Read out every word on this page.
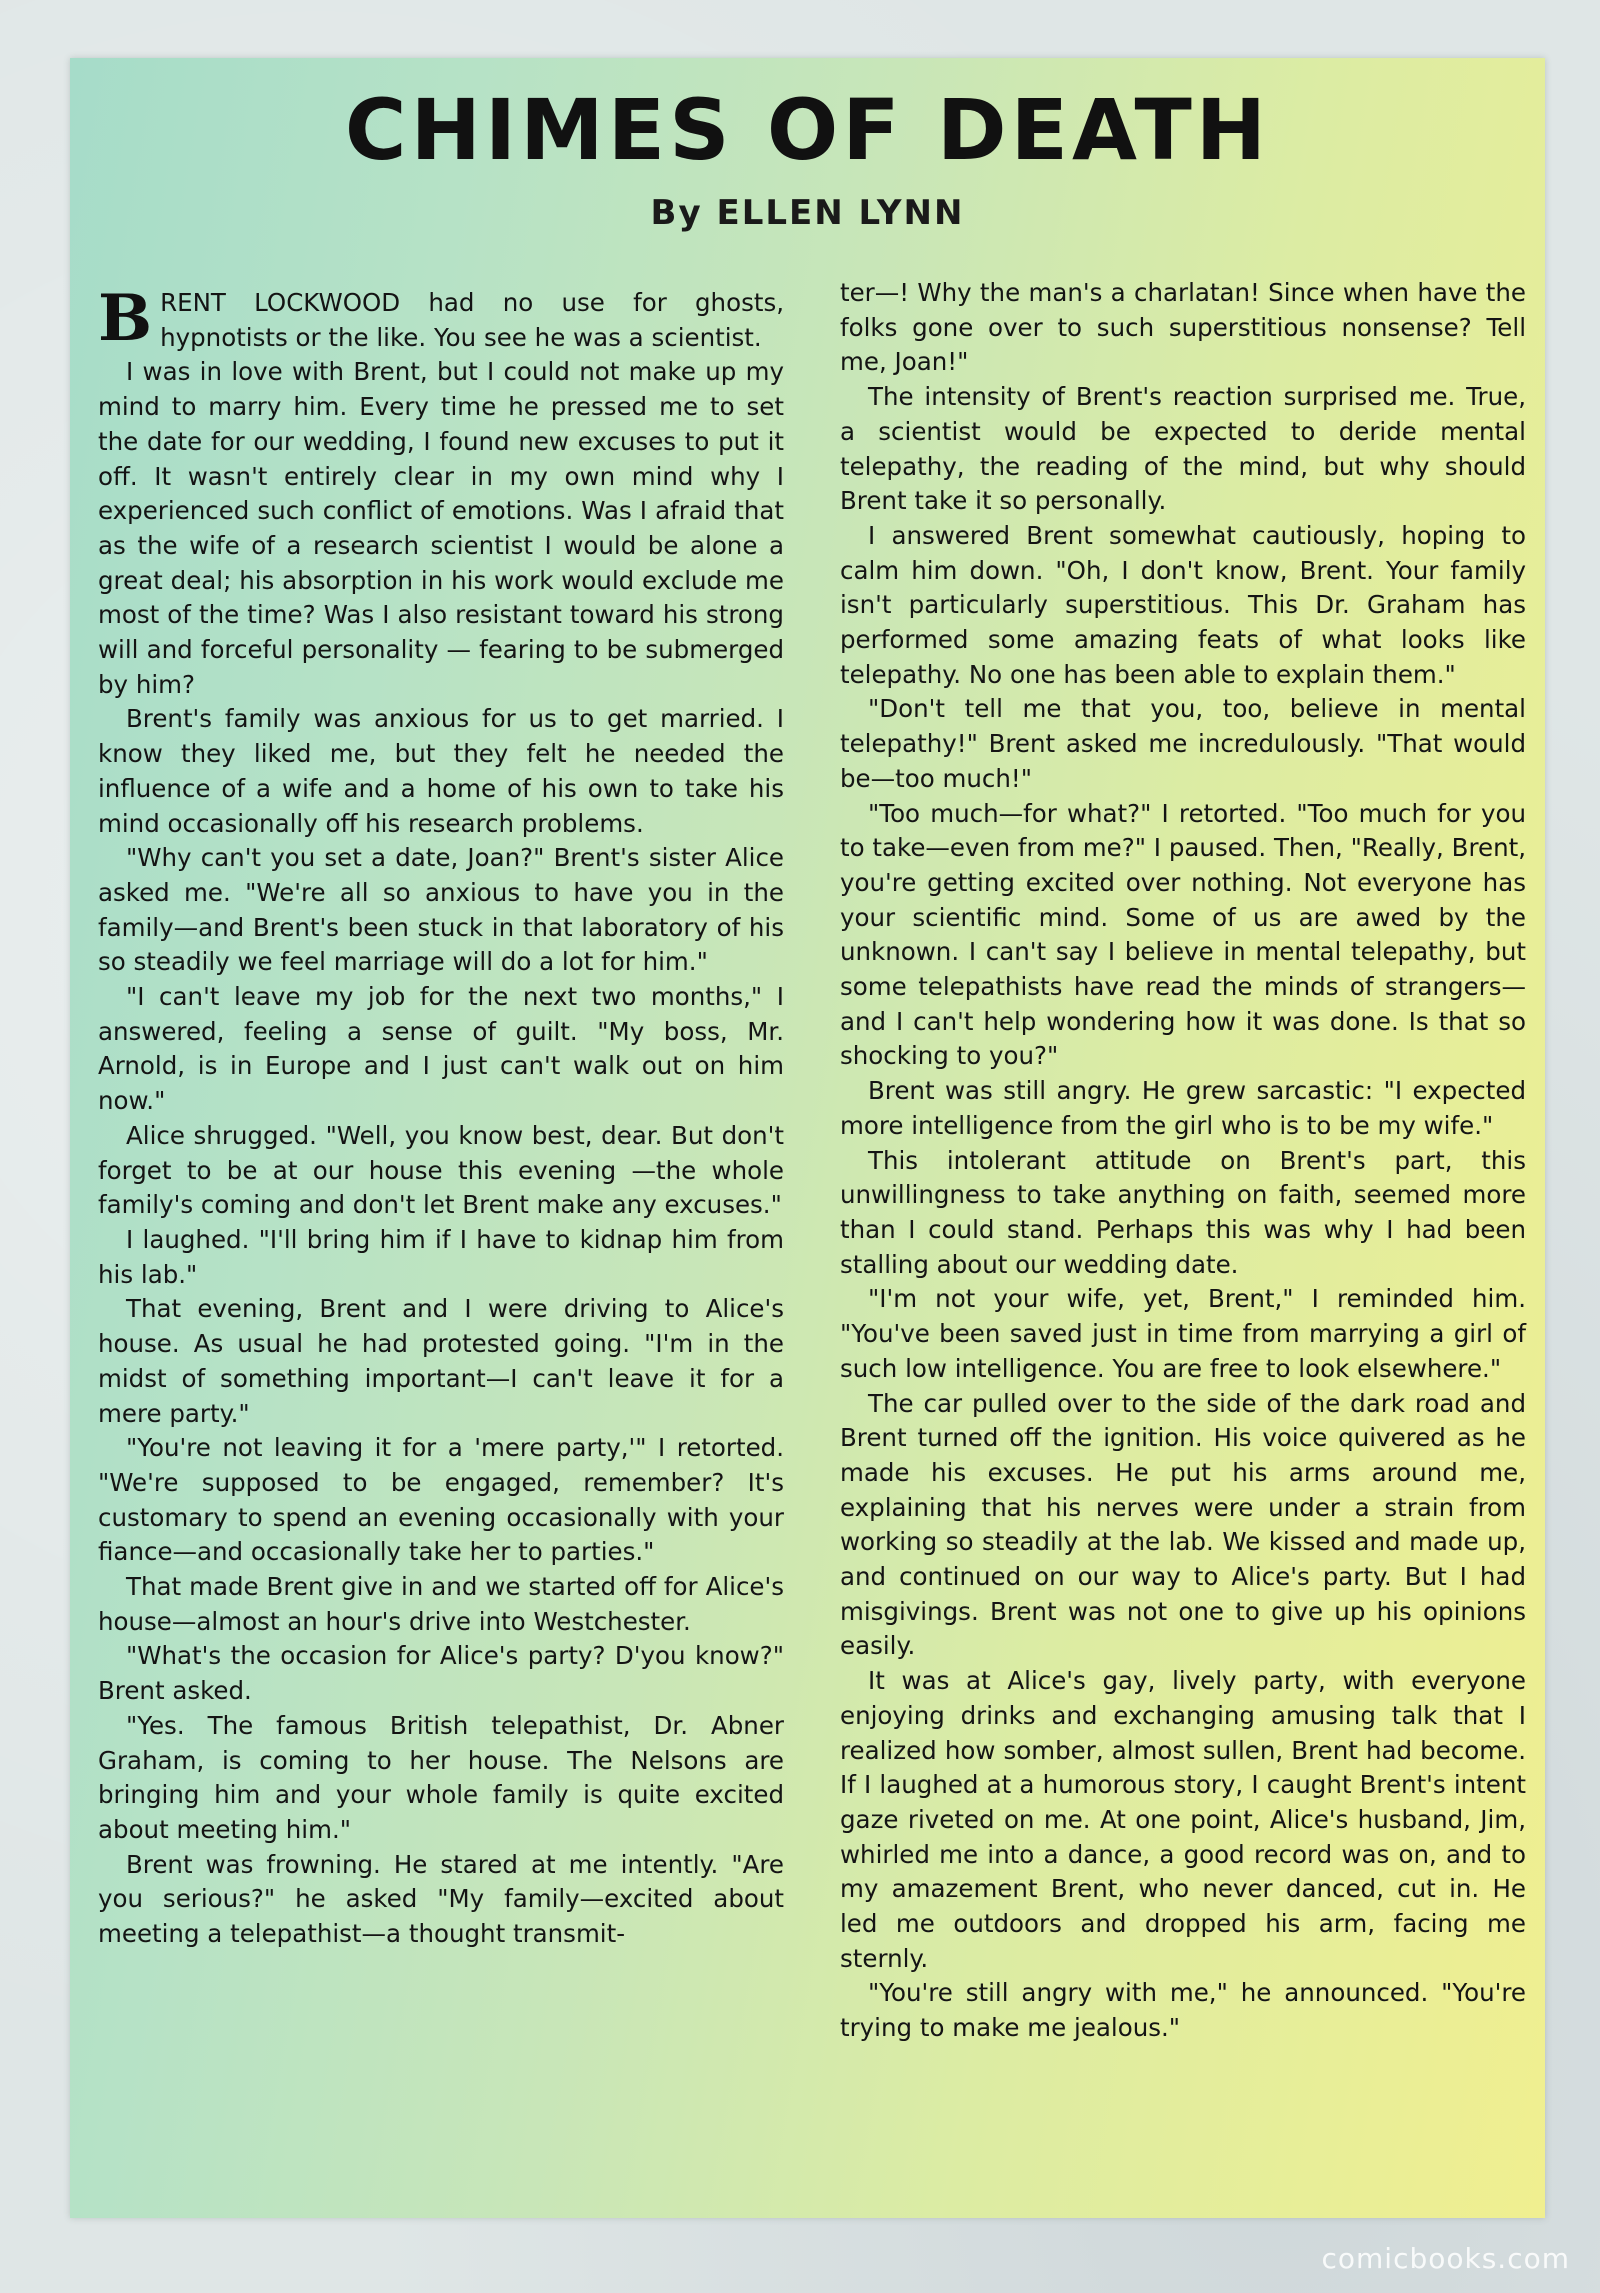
CHIMES OF DEATH
By ELLEN LYNN

BRENT LOCKWOOD had no use for ghosts, hypnotists or the like. You see he was a scientist.

I was in love with Brent, but I could not make up my mind to marry him. Every time he pressed me to set the date for our wedding, I found new excuses to put it off. It wasn't entirely clear in my own mind why I experienced such conflict of emotions. Was I afraid that as the wife of a research scientist I would be alone a great deal; his absorption in his work would exclude me most of the time? Was I also resistant toward his strong will and forceful personality — fearing to be submerged by him?

Brent's family was anxious for us to get married. I know they liked me, but they felt he needed the influence of a wife and a home of his own to take his mind occasionally off his research problems.

"Why can't you set a date, Joan?" Brent's sister Alice asked me. "We're all so anxious to have you in the family—and Brent's been stuck in that laboratory of his so steadily we feel marriage will do a lot for him."

"I can't leave my job for the next two months," I answered, feeling a sense of guilt. "My boss, Mr. Arnold, is in Europe and I just can't walk out on him now."

Alice shrugged. "Well, you know best, dear. But don't forget to be at our house this evening —the whole family's coming and don't let Brent make any excuses."

I laughed. "I'll bring him if I have to kidnap him from his lab."

That evening, Brent and I were driving to Alice's house. As usual he had protested going. "I'm in the midst of something important—I can't leave it for a mere party."

"You're not leaving it for a 'mere party,'" I retorted. "We're supposed to be engaged, remember? It's customary to spend an evening occasionally with your fiance—and occasionally take her to parties."

That made Brent give in and we started off for Alice's house—almost an hour's drive into Westchester.

"What's the occasion for Alice's party? D'you know?" Brent asked.

"Yes. The famous British telepathist, Dr. Abner Graham, is coming to her house. The Nelsons are bringing him and your whole family is quite excited about meeting him."

Brent was frowning. He stared at me intently. "Are you serious?" he asked "My family—excited about meeting a telepathist—a thought transmit-

ter—! Why the man's a charlatan! Since when have the folks gone over to such superstitious nonsense? Tell me, Joan!"

The intensity of Brent's reaction surprised me. True, a scientist would be expected to deride mental telepathy, the reading of the mind, but why should Brent take it so personally.

I answered Brent somewhat cautiously, hoping to calm him down. "Oh, I don't know, Brent. Your family isn't particularly superstitious. This Dr. Graham has performed some amazing feats of what looks like telepathy. No one has been able to explain them."

"Don't tell me that you, too, believe in mental telepathy!" Brent asked me incredulously. "That would be—too much!"

"Too much—for what?" I retorted. "Too much for you to take—even from me?" I paused. Then, "Really, Brent, you're getting excited over nothing. Not everyone has your scientific mind. Some of us are awed by the unknown. I can't say I believe in mental telepathy, but some telepathists have read the minds of strangers—and I can't help wondering how it was done. Is that so shocking to you?"

Brent was still angry. He grew sarcastic: "I expected more intelligence from the girl who is to be my wife."

This intolerant attitude on Brent's part, this unwillingness to take anything on faith, seemed more than I could stand. Perhaps this was why I had been stalling about our wedding date.

"I'm not your wife, yet, Brent," I reminded him. "You've been saved just in time from marrying a girl of such low intelligence. You are free to look elsewhere."

The car pulled over to the side of the dark road and Brent turned off the ignition. His voice quivered as he made his excuses. He put his arms around me, explaining that his nerves were under a strain from working so steadily at the lab. We kissed and made up, and continued on our way to Alice's party. But I had misgivings. Brent was not one to give up his opinions easily.

It was at Alice's gay, lively party, with everyone enjoying drinks and exchanging amusing talk that I realized how somber, almost sullen, Brent had become. If I laughed at a humorous story, I caught Brent's intent gaze riveted on me. At one point, Alice's husband, Jim, whirled me into a dance, a good record was on, and to my amazement Brent, who never danced, cut in. He led me outdoors and dropped his arm, facing me sternly.

"You're still angry with me," he announced. "You're trying to make me jealous."

comicbooks.com
